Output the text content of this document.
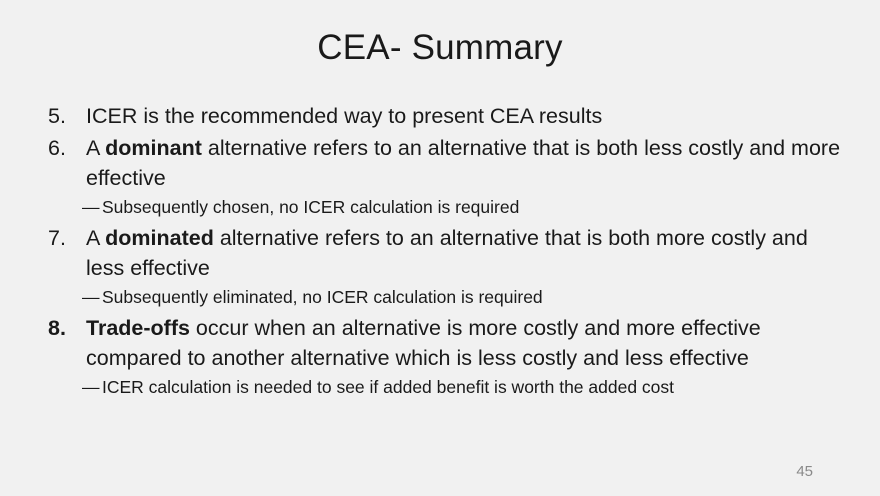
CEA- Summary
5. ICER is the recommended way to present CEA results
6. A dominant alternative refers to an alternative that is both less costly and more effective
— Subsequently chosen, no ICER calculation is required
7. A dominated alternative refers to an alternative that is both more costly and less effective
— Subsequently eliminated, no ICER calculation is required
8. Trade-offs occur when an alternative is more costly and more effective compared to another alternative which is less costly and less effective
— ICER calculation is needed to see if added benefit is worth the added cost
45
